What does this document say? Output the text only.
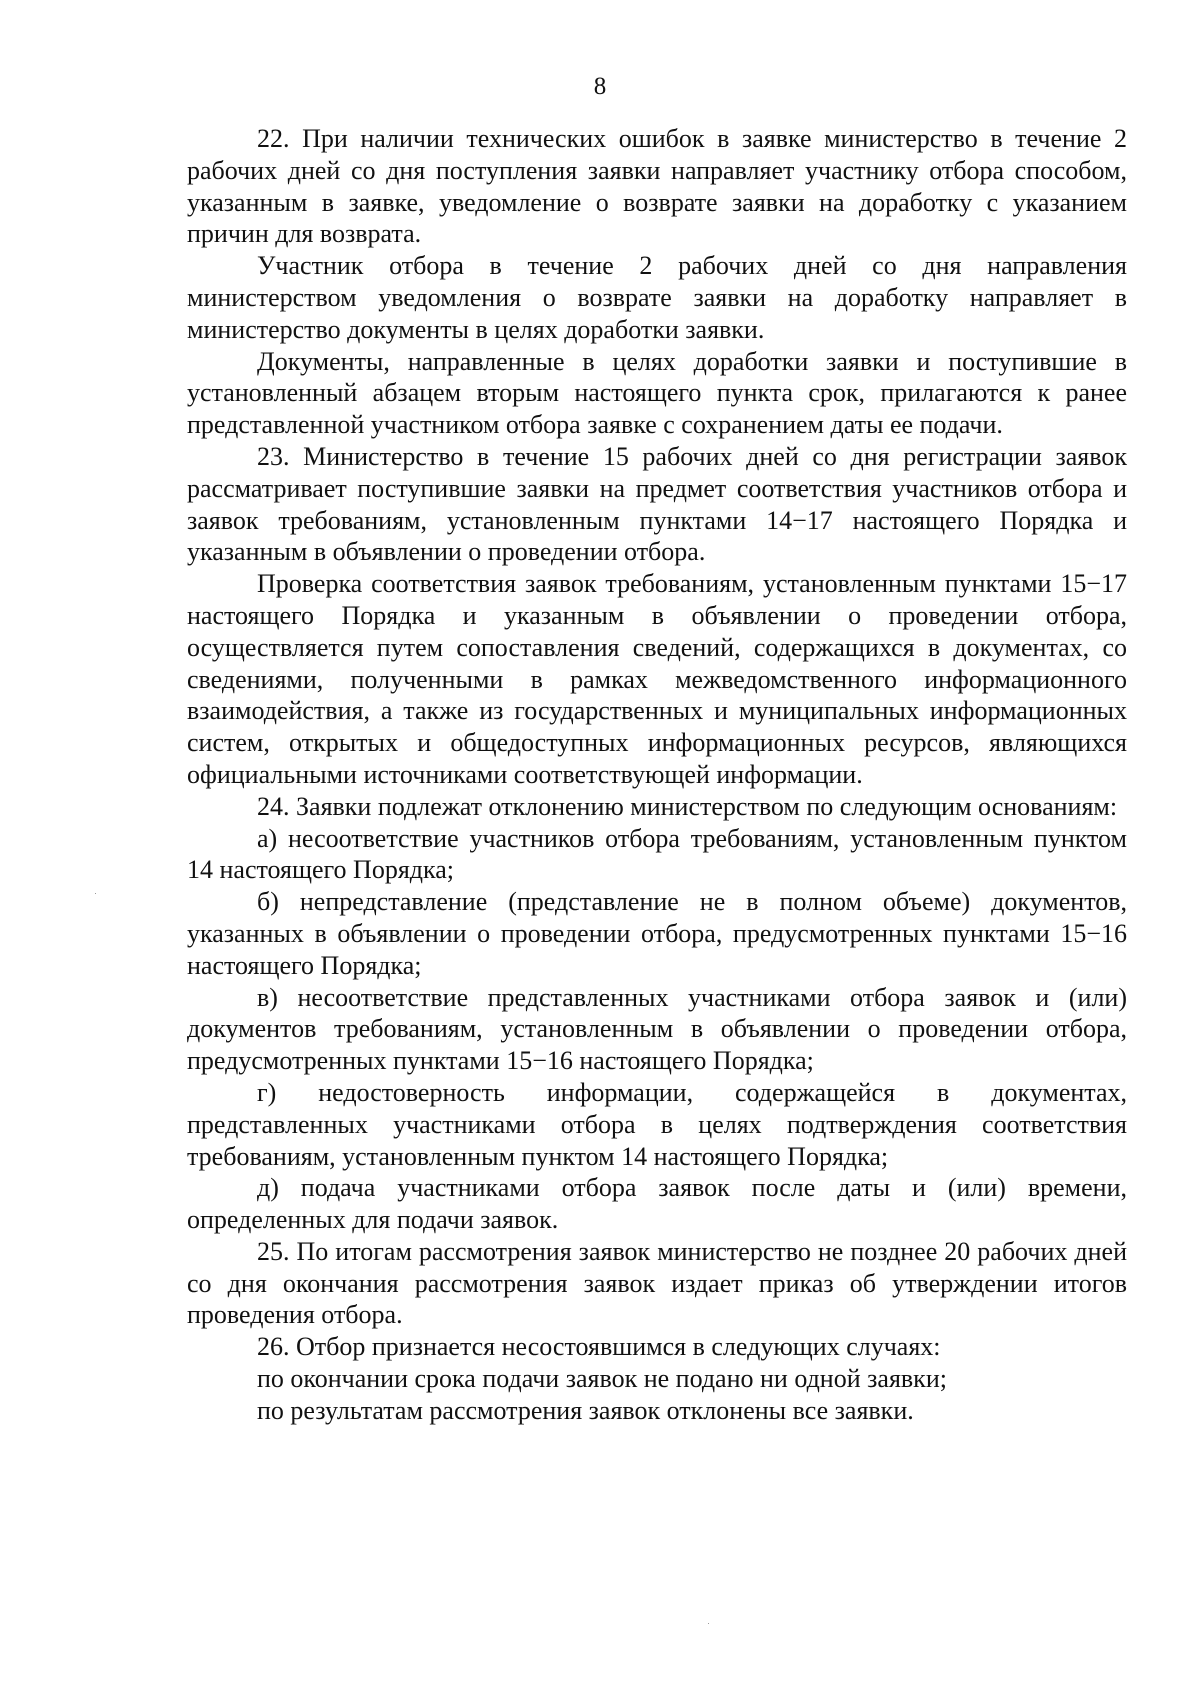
8

22. При наличии технических ошибок в заявке министерство в течение 2 рабочих дней со дня поступления заявки направляет участнику отбора способом, указанным в заявке, уведомление о возврате заявки на доработку с указанием причин для возврата.

Участник отбора в течение 2 рабочих дней со дня направления министерством уведомления о возврате заявки на доработку направляет в министерство документы в целях доработки заявки.

Документы, направленные в целях доработки заявки и поступившие в установленный абзацем вторым настоящего пункта срок, прилагаются к ранее представленной участником отбора заявке с сохранением даты ее подачи.

23. Министерство в течение 15 рабочих дней со дня регистрации заявок рассматривает поступившие заявки на предмет соответствия участников отбора и заявок требованиям, установленным пунктами 14−17 настоящего Порядка и указанным в объявлении о проведении отбора.

Проверка соответствия заявок требованиям, установленным пунктами 15−17 настоящего Порядка и указанным в объявлении о проведении отбора, осуществляется путем сопоставления сведений, содержащихся в документах, со сведениями, полученными в рамках межведомственного информационного взаимодействия, а также из государственных и муниципальных информационных систем, открытых и общедоступных информационных ресурсов, являющихся официальными источниками соответствующей информации.

24. Заявки подлежат отклонению министерством по следующим основаниям:

а) несоответствие участников отбора требованиям, установленным пунктом 14 настоящего Порядка;

б) непредставление (представление не в полном объеме) документов, указанных в объявлении о проведении отбора, предусмотренных пунктами 15−16 настоящего Порядка;

в) несоответствие представленных участниками отбора заявок и (или) документов требованиям, установленным в объявлении о проведении отбора, предусмотренных пунктами 15−16 настоящего Порядка;

г) недостоверность информации, содержащейся в документах, представленных участниками отбора в целях подтверждения соответствия требованиям, установленным пунктом 14 настоящего Порядка;

д) подача участниками отбора заявок после даты и (или) времени, определенных для подачи заявок.

25. По итогам рассмотрения заявок министерство не позднее 20 рабочих дней со дня окончания рассмотрения заявок издает приказ об утверждении итогов проведения отбора.

26. Отбор признается несостоявшимся в следующих случаях:

по окончании срока подачи заявок не подано ни одной заявки;

по результатам рассмотрения заявок отклонены все заявки.
